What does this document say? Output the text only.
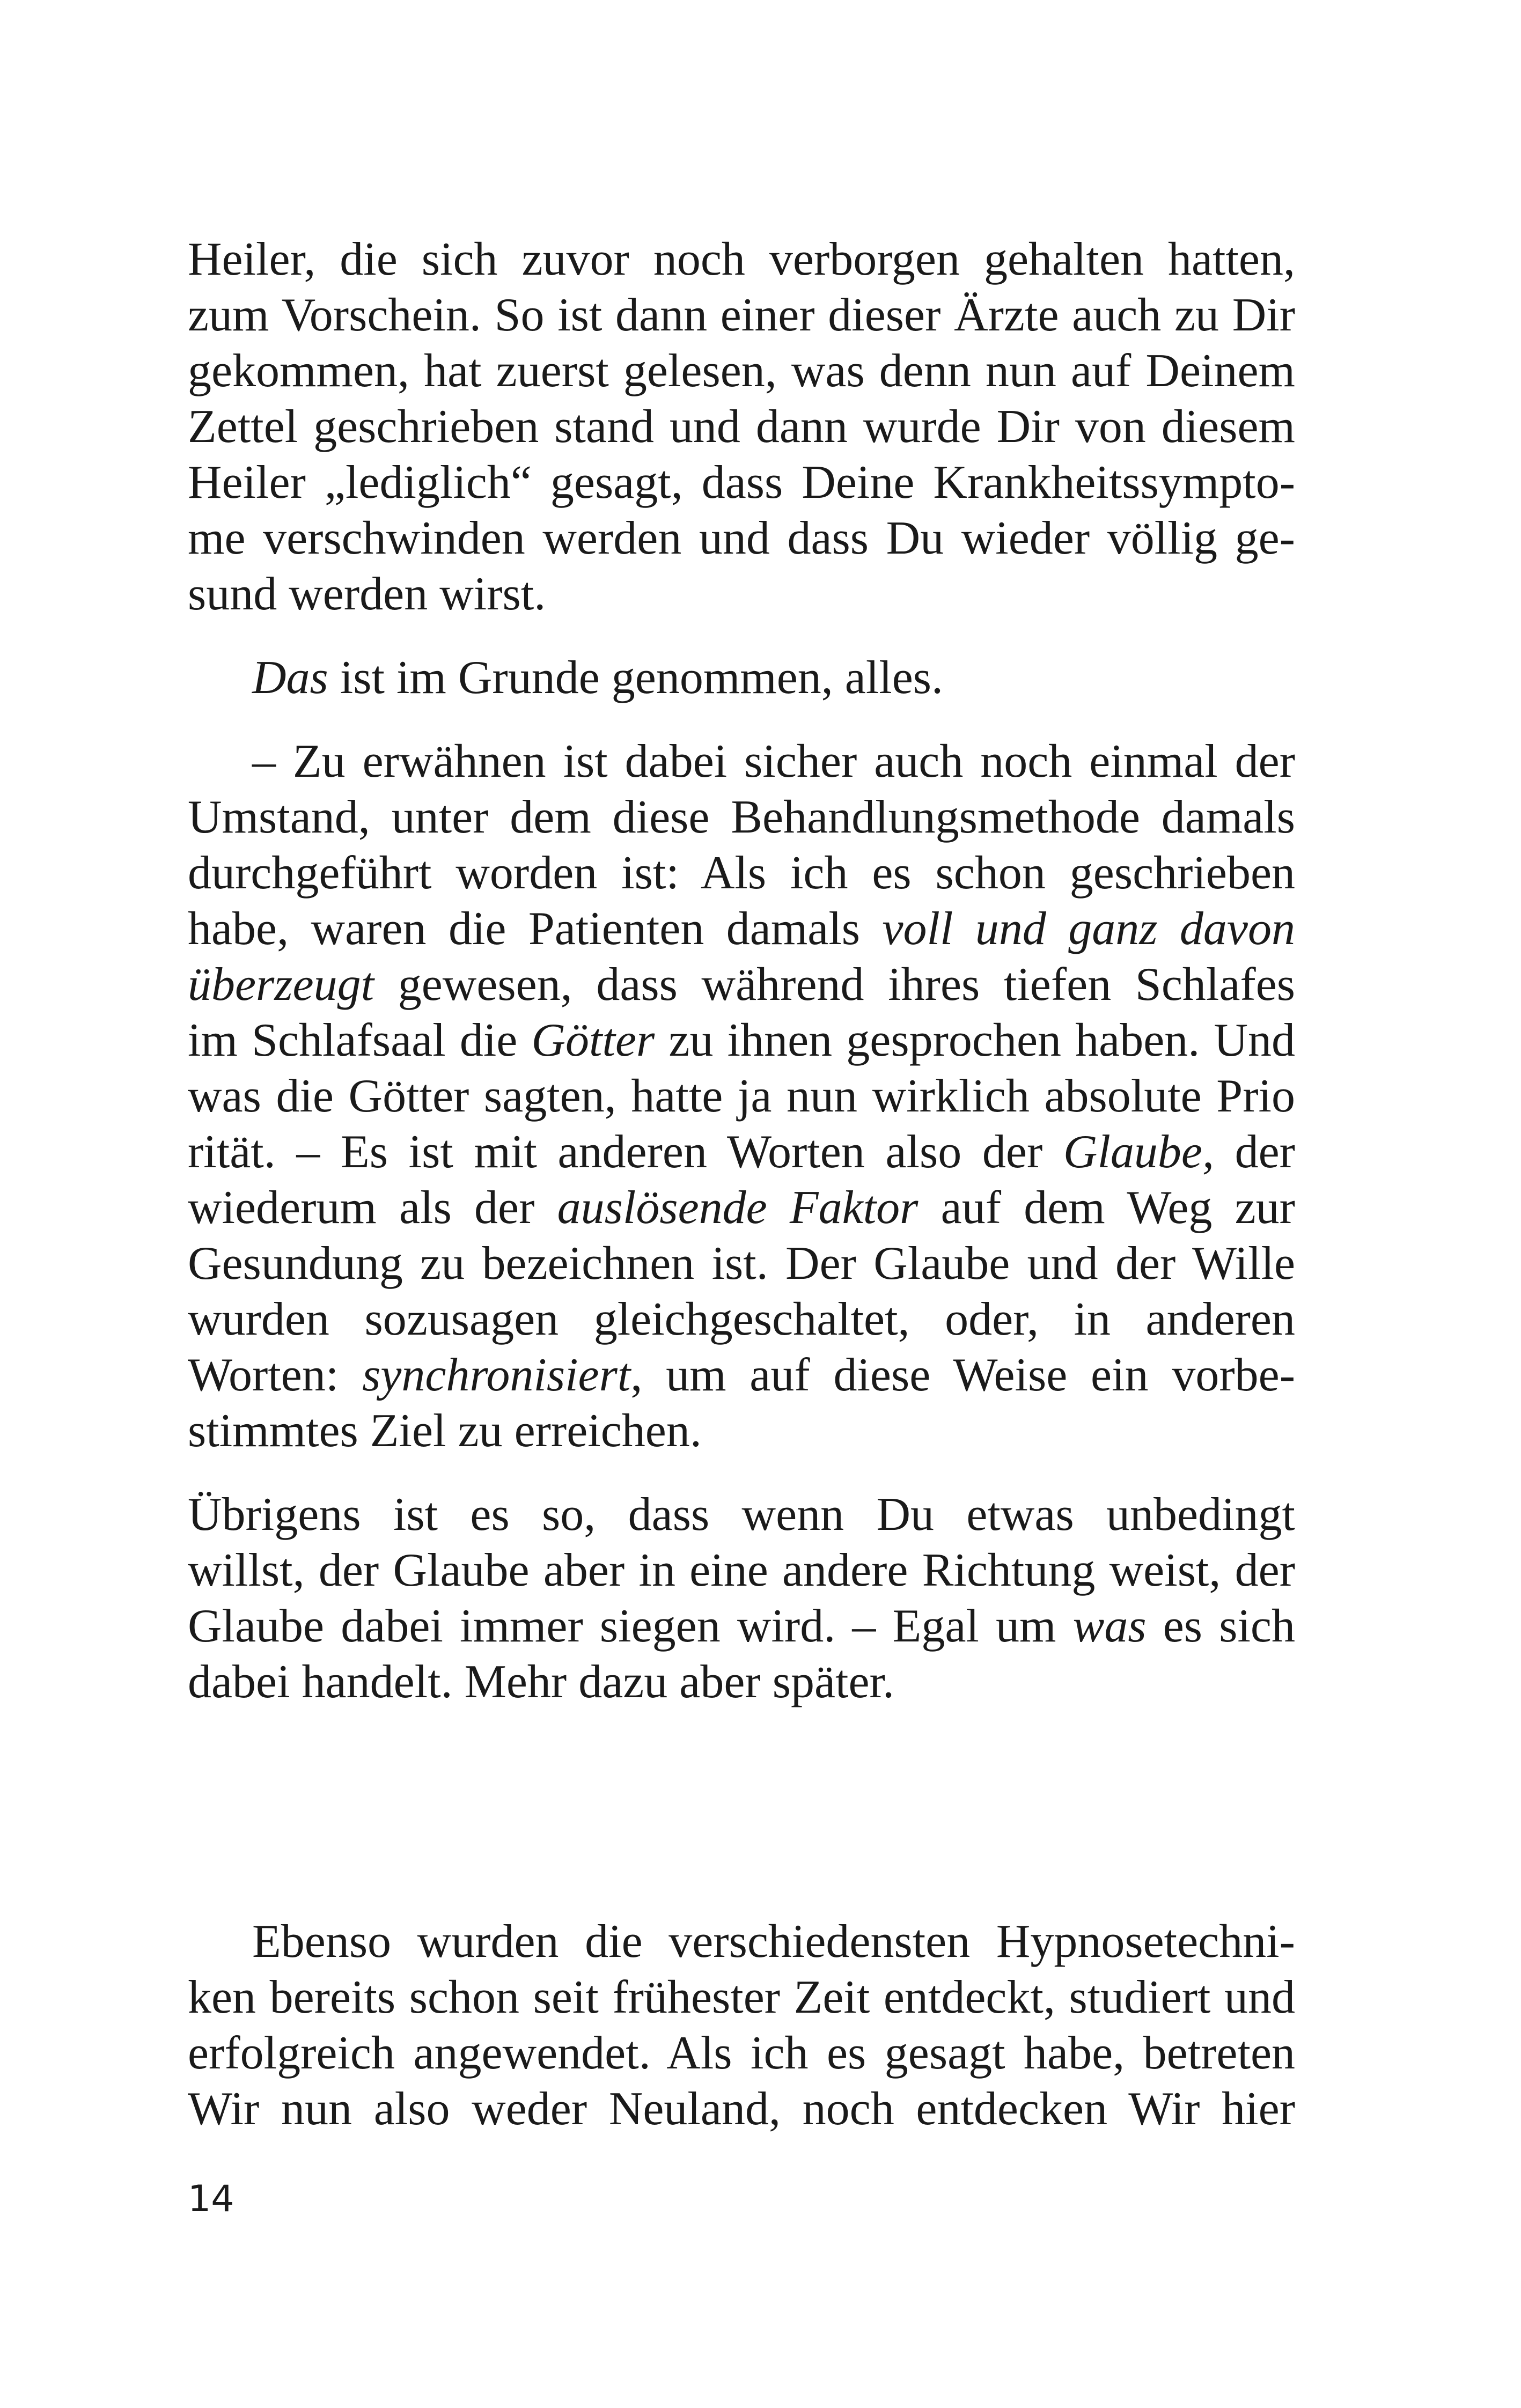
Heiler, die sich zuvor noch verborgen gehalten hatten,
zum Vorschein. So ist dann einer dieser Ärzte auch zu Dir
gekommen, hat zuerst gelesen, was denn nun auf Deinem
Zettel geschrieben stand und dann wurde Dir von diesem
Heiler „lediglich“ gesagt, dass Deine Krankheitssympto-
me verschwinden werden und dass Du wieder völlig ge-
sund werden wirst.
Das ist im Grunde genommen, alles.
– Zu erwähnen ist dabei sicher auch noch einmal der
Umstand, unter dem diese Behandlungsmethode damals
durchgeführt worden ist: Als ich es schon geschrieben
habe, waren die Patienten damals voll und ganz davon
überzeugt gewesen, dass während ihres tiefen Schlafes
im Schlafsaal die Götter zu ihnen gesprochen haben. Und
was die Götter sagten, hatte ja nun wirklich absolute Prio
rität. – Es ist mit anderen Worten also der Glaube, der
wiederum als der auslösende Faktor auf dem Weg zur
Gesundung zu bezeichnen ist. Der Glaube und der Wille
wurden sozusagen gleichgeschaltet, oder, in anderen
Worten: synchronisiert, um auf diese Weise ein vorbe-
stimmtes Ziel zu erreichen.
Übrigens ist es so, dass wenn Du etwas unbedingt
willst, der Glaube aber in eine andere Richtung weist, der
Glaube dabei immer siegen wird. – Egal um was es sich
dabei handelt. Mehr dazu aber später.
Ebenso wurden die verschiedensten Hypnosetechni-
ken bereits schon seit frühester Zeit entdeckt, studiert und
erfolgreich angewendet. Als ich es gesagt habe, betreten
Wir nun also weder Neuland, noch entdecken Wir hier
14
